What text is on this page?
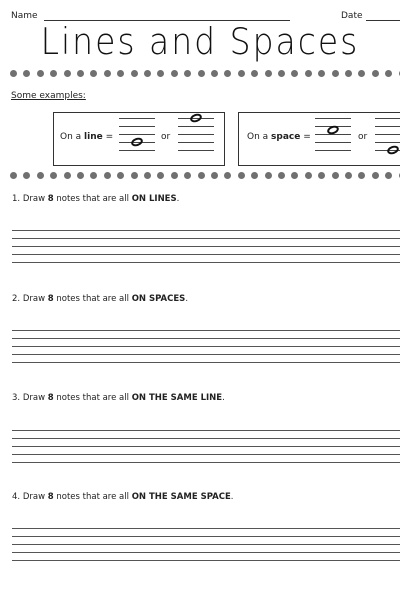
Name	Date
Lines and Spaces
Some examples:
On a line =	or	On a space =	or
1. Draw 8 notes that are all ON LINES.
2. Draw 8 notes that are all ON SPACES.
3. Draw 8 notes that are all ON THE SAME LINE.
4. Draw 8 notes that are all ON THE SAME SPACE.
